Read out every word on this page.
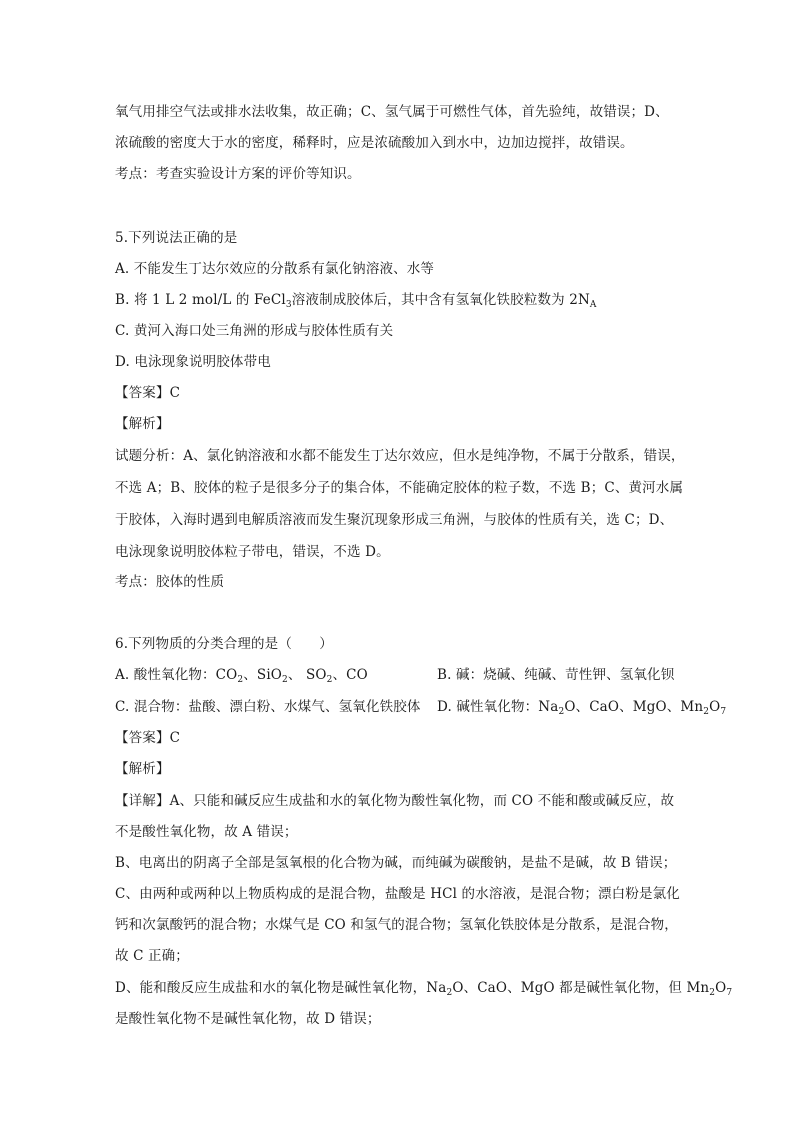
氧气用排空气法或排水法收集，故正确；C、氢气属于可燃性气体，首先验纯，故错误；D、
浓硫酸的密度大于水的密度，稀释时，应是浓硫酸加入到水中，边加边搅拌，故错误。
考点：考查实验设计方案的评价等知识。
5.下列说法正确的是
A. 不能发生丁达尔效应的分散系有氯化钠溶液、水等
B. 将 1 L 2 mol/L 的 FeCl$_3$溶液制成胶体后，其中含有氢氧化铁胶粒数为 $2N_A$
C. 黄河入海口处三角洲的形成与胶体性质有关
D. 电泳现象说明胶体带电
【答案】C
【解析】
试题分析：A、氯化钠溶液和水都不能发生丁达尔效应，但水是纯净物，不属于分散系，错误，
不选 A；B、胶体的粒子是很多分子的集合体，不能确定胶体的粒子数，不选 B；C、黄河水属
于胶体，入海时遇到电解质溶液而发生聚沉现象形成三角洲，与胶体的性质有关，选 C；D、
电泳现象说明胶体粒子带电，错误，不选 D。
考点：胶体的性质
6.下列物质的分类合理的是（　　）
A. 酸性氧化物：$CO_2$、SiO$_2$、 $SO_2$、CO	B. 碱：烧碱、纯碱、苛性钾、氢氧化钡
C. 混合物：盐酸、漂白粉、水煤气、氢氧化铁胶体 D. 碱性氧化物：$Na_2O$、CaO、MgO、$Mn_2O_7$
【答案】C
【解析】
【详解】A、只能和碱反应生成盐和水的氧化物为酸性氧化物，而 CO 不能和酸或碱反应，故
不是酸性氧化物，故 A 错误；
B、电离出的阴离子全部是氢氧根的化合物为碱，而纯碱为碳酸钠，是盐不是碱，故 B 错误；
C、由两种或两种以上物质构成的是混合物，盐酸是 HCl 的水溶液，是混合物；漂白粉是氯化
钙和次氯酸钙的混合物；水煤气是 CO 和氢气的混合物；氢氧化铁胶体是分散系，是混合物，
故 C 正确；
D、能和酸反应生成盐和水的氧化物是碱性氧化物，$Na_2O$、CaO、MgO 都是碱性氧化物，但 $Mn_2O_7$
是酸性氧化物不是碱性氧化物，故 D 错误；
